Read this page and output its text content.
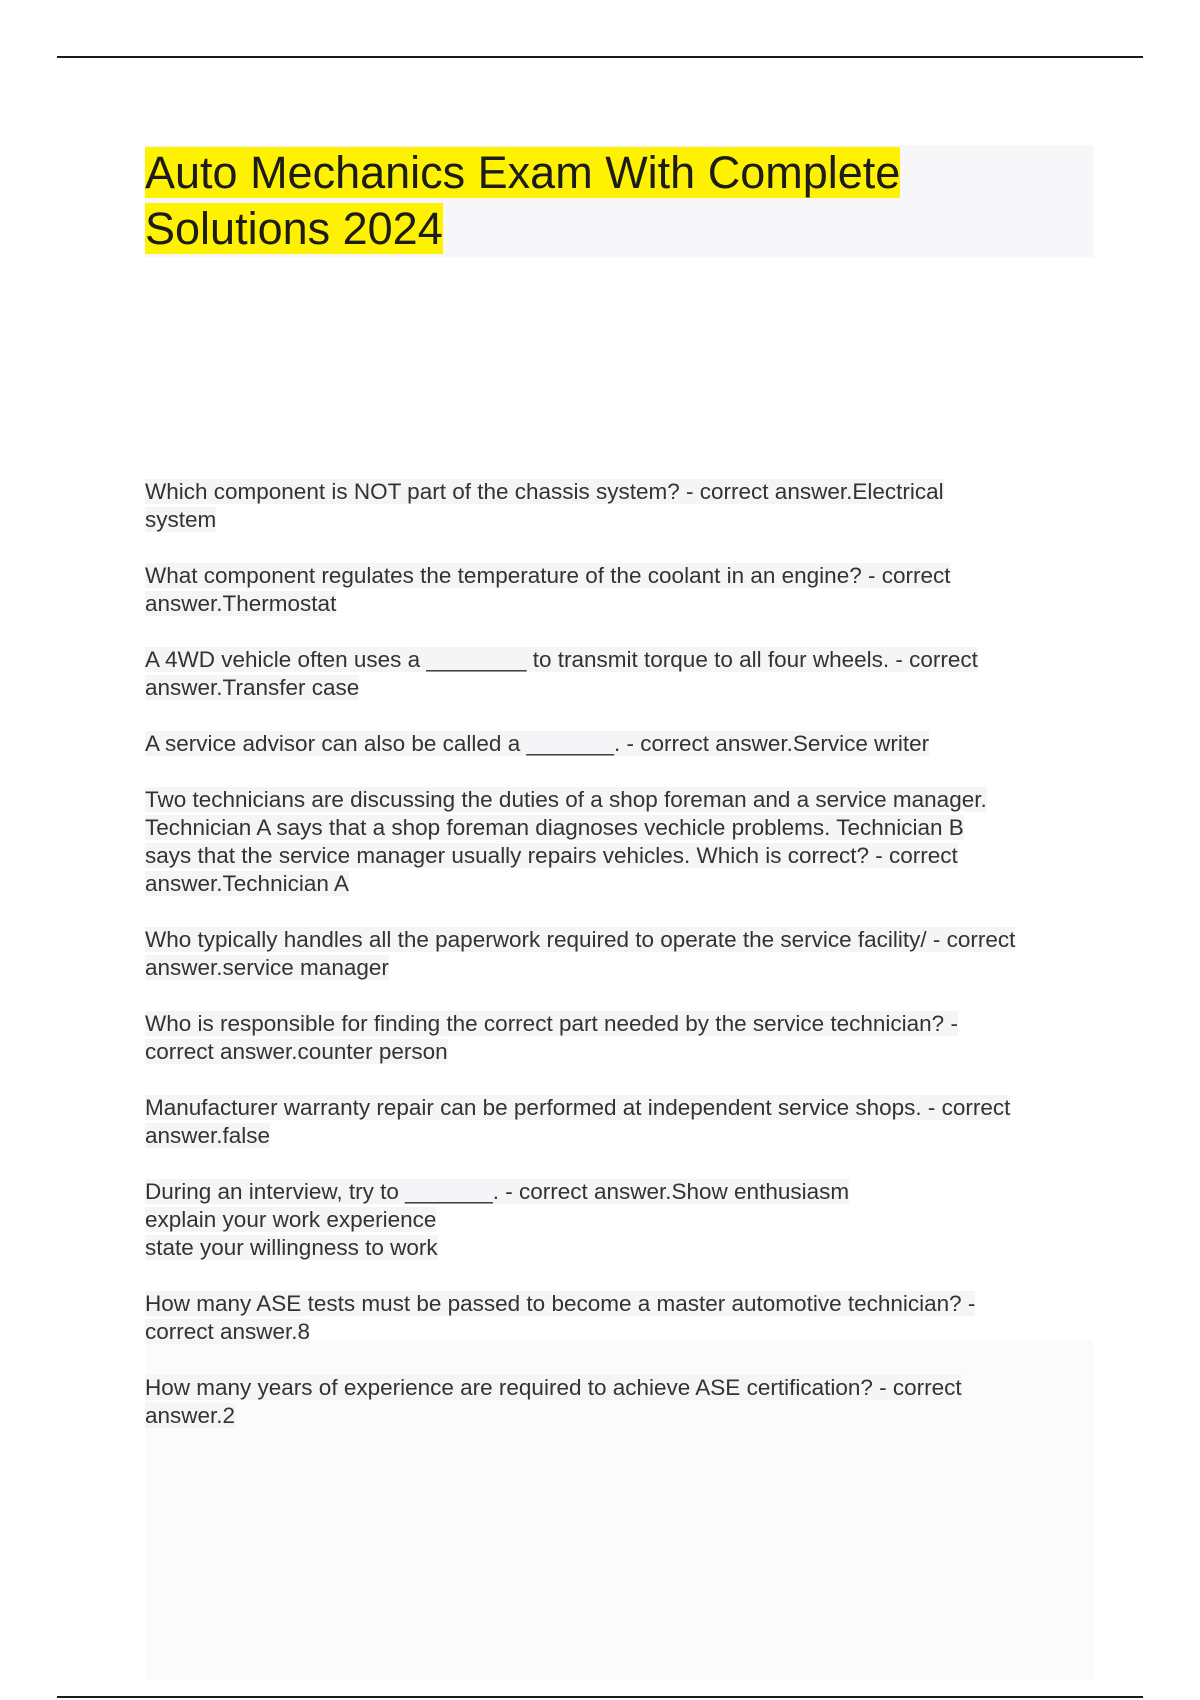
Auto Mechanics Exam With Complete Solutions 2024
Which component is NOT part of the chassis system? - correct answer.Electrical
system
What component regulates the temperature of the coolant in an engine? - correct
answer.Thermostat
A 4WD vehicle often uses a ________ to transmit torque to all four wheels. - correct
answer.Transfer case
A service advisor can also be called a _______. - correct answer.Service writer
Two technicians are discussing the duties of a shop foreman and a service manager.
Technician A says that a shop foreman diagnoses vechicle problems. Technician B
says that the service manager usually repairs vehicles. Which is correct? - correct
answer.Technician A
Who typically handles all the paperwork required to operate the service facility/ - correct
answer.service manager
Who is responsible for finding the correct part needed by the service technician? -
correct answer.counter person
Manufacturer warranty repair can be performed at independent service shops. - correct
answer.false
During an interview, try to _______. - correct answer.Show enthusiasm
explain your work experience
state your willingness to work
How many ASE tests must be passed to become a master automotive technician? -
correct answer.8
How many years of experience are required to achieve ASE certification? - correct
answer.2
